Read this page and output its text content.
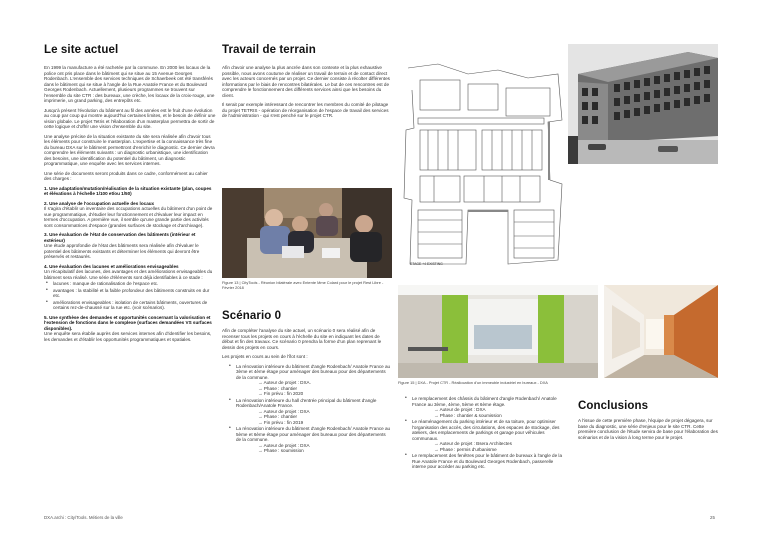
Le site actuel

En 1999 la manufacture a été rachetée par la commune. En 2000 les locaux de la police ont pris place dans le bâtiment qui se situe au 15 Avenue Georges Rodenbach. L'ensemble des services techniques de Schaerbeek ont été transférés dans le bâtiment qui se situe à l'angle de la Rue Anatole France et du Boulevard Georges Rodenbach. Actuellement, plusieurs programmes se trouvent sur l'ensemble du site CTR : des bureaux, une crèche, les locaux de la croix-rouge, une imprimerie, un grand parking, des entrepôts etc.

Jusqu'à présent l'évolution du bâtiment au fil des années est le fruit d'une évolution au coup par coup qui montre aujourd'hui certaines limites, et le besoin de définir une vision globale. Le projet Tetris et l'élaboration d'un masterplan permettra de sortir de cette logique et d'offrir une vision d'ensemble du site.

Une analyse précise de la situation existante du site sera réalisée afin d'avoir tous les éléments pour construire le masterplan. L'expertise et la connaissance très fine du bureau DXA sur le bâtiment permettront d'enrichir le diagnostic. Ce dernier devra comprendre les éléments suivants : un diagnostic urbanistique, une identification des besoins, une identification du potentiel du bâtiment, un diagnostic programmatique, une enquête avec les services internes.

Une série de documents seront produits dans ce cadre, conformément au cahier des charges :

1. Une adaptation/mutation/réalisation de la situation existante (plan, coupes et élévations à l'échelle 1/100 et/ou 1/50)

2. Une analyse de l'occupation actuelle des locaux

Il s'agira d'établir un inventaire des occupations actuelles du bâtiment d'un point de vue programmatique, d'étudier leur fonctionnement et d'évaluer leur impact en termes d'occupation. A première vue, il semble qu'une grande partie des activités sont consommatrices d'espace (grandes surfaces de stockage et d'archivage).

3. Une évaluation de l'état de conservation des bâtiments (intérieur et extérieur)

Une étude approfondie de l'état des bâtiments sera réalisée afin d'évaluer le potentiel des bâtiments existants et déterminer les éléments qui devront être préservés et restaurés.

4. Une évaluation des lacunes et améliorations envisageables

Un récapitulatif des lacunes, des avantages et des améliorations envisageables du bâtiment sera réalisé. Une série d'éléments sont déjà identifiables à ce stade :

• lacunes : manque de rationalisation de l'espace etc.
• avantages : la stabilité et la faible profondeur des bâtiments construits en dur etc.
• améliorations envisageables : isolation de certains bâtiments, ouvertures de certains rez-de-chaussé sur la rue etc. (voir scénarios).

5. Une synthèse des demandes et opportunités concernant la valorisation et l'extension de fonctions dans le complexe (surfaces demandées VS surfaces disponibles).

Une enquête sera établie auprès des services internes afin d'identifier les besoins, les demandes et d'établir les opportunités programmatiques et spatiales.

Travail de terrain

Afin d'avoir une analyse la plus ancrée dans son contexte et la plus exhaustive possible, nous avons coutume de réaliser un travail de terrain et de contact direct avec les acteurs concernés par un projet. Ce dernier consiste à récolter différentes informations par le biais de rencontres bilatérales. Le but de ces rencontres est de comprendre le fonctionnement des différents services ainsi que les besoins du client.

Il serait par exemple intéressant de rencontrer les membres du comité de pilotage du projet TETRIS - opération de réorganisation de l'espace de travail des services de l'administration - qui s'est penché sur le projet CTR.

Figure 13 | CityTools - Réunion bilatérale avec Entente Mme Colard pour le projet Rest Libre - Février 2018
Scénario 0

Afin de compléter l'analyse du site actuel, un scénario 0 sera réalisé afin de recenser tous les projets en cours à l'échelle du site en indiquant les dates de début et fin des travaux. Ce scénario 0 prendra la forme d'un plan reprenant le dessin des projets en cours.

Les projets en cours au sein de l'îlot sont :

• La rénovation intérieure du bâtiment d'angle Rodenbach/ Anatole France au 3ème et 4ème étage pour aménager des bureaux pour des départements de la commune.
→ Auteur de projet : DXA.
→ Phase : chantier
→ Fin prévu : fin 2020
• La rénovation intérieure du hall d'entrée principal du bâtiment d'angle Rodenbach/Anatole France.
→ Auteur de projet : DXA
→ Phase : chantier
→ Fin prévu : fin 2019
• La rénovation intérieure du bâtiment d'angle Rodenbach/ Anatole France au 5ème et 6ème étage pour aménager des bureaux pour des départements de la commune.
→ Auteur de projet : DXA
→ Phase : soumission
ETAGE +4 EXISTING
Figure 15 | DXA - Projet CTR - Réallocation d'un immeuble industriel en bureaux - DXA
• Le remplacement des châssis du bâtiment d'angle Rodenbach/ Anatole France au 3ème, 4ème, 5ème et 6ème étage.
→ Auteur de projet : DXA
→ Phase : chantier & soumission
• Le réaménagement du parking intérieur et de sa toiture, pour optimiser l'organisation des accès, des circulations, des espaces de stockage, des ateliers, des emplacements de parkings et garage pour véhicules communaux.
→ Auteur de projet : Bsera Architectes
→ Phase : permis d'urbanisme
• Le remplacement des fenêtres pour le bâtiment de bureaux à l'angle de la Rue Anatole France et du Boulevard Georges Rodenbach, passerelle interne pour accéder au parking etc.
Conclusions

A l'issue de cette première phase, l'équipe de projet dégagera, sur base du diagnostic, une série d'enjeux pour le site CTR. Cette première conclusion de l'étude servira de base pour l'élaboration des scénarios et de la vision à long terme pour le projet.

DXA.archi : City/Tools. Métiers de la ville	25
